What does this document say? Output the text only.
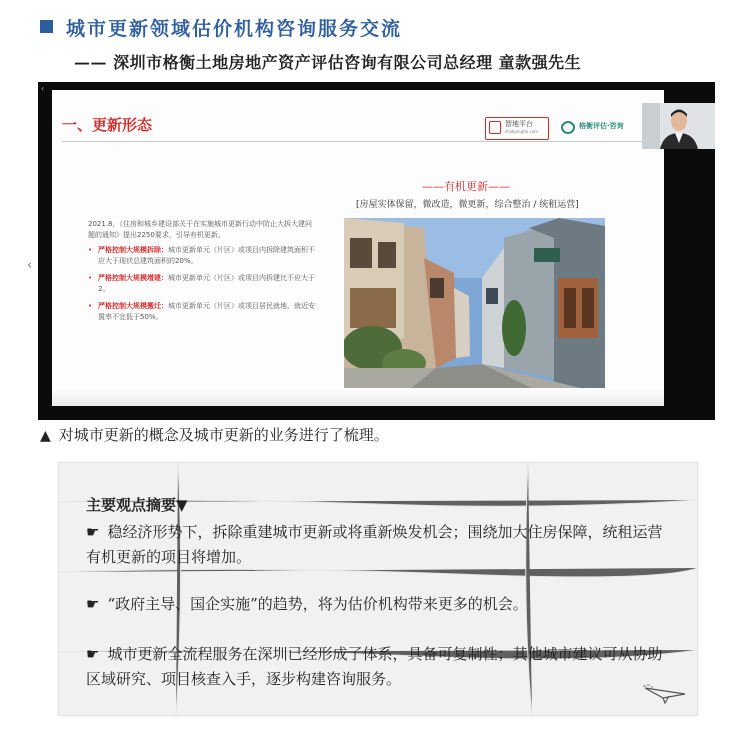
城市更新领域估价机构咨询服务交流
—— 深圳市格衡土地房地产资产评估咨询有限公司总经理 童款强先生
‹
一、更新形态	智地平台
zhidipingtai.com
格衡评估·咨询
——有机更新——
[房屋实体保留，微改造，微更新，综合整治 / 统租运营]

2021.8，《住房和城乡建设部关于在实施城市更新行动中防止大拆大建问题的通知》提出2250要求，引导有机更新。

• 严格控制大规模拆除：城市更新单元（片区）或项目内拆除建筑面积不应大于现状总建筑面积的20%。
• 严格控制大规模增建：城市更新单元（片区）或项目内拆建比不应大于2。
• 严格控制大规模搬迁：城市更新单元（片区）或项目居民就地、就近安置率不宜低于50%。
‹
▲ 对城市更新的概念及城市更新的业务进行了梳理。
主要观点摘要▼
☛ 稳经济形势下，拆除重建城市更新或将重新焕发机会；围绕加大住房保障，统租运营有机更新的项目将增加。
☛ “政府主导、国企实施”的趋势，将为估价机构带来更多的机会。
☛ 城市更新全流程服务在深圳已经形成了体系，具备可复制性；其他城市建议可从协助区域研究、项目核查入手，逐步构建咨询服务。
